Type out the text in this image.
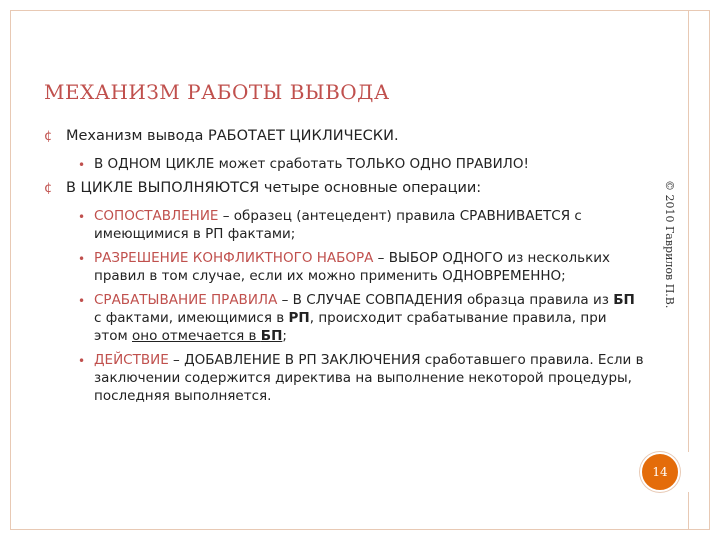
МЕХАНИЗМ РАБОТЫ ВЫВОДА
¢ Механизм вывода РАБОТАЕТ ЦИКЛИЧЕСКИ.
• В ОДНОМ ЦИКЛЕ может сработать ТОЛЬКО ОДНО ПРАВИЛО!
¢ В ЦИКЛЕ ВЫПОЛНЯЮТСЯ четыре основные операции:
• СОПОСТАВЛЕНИЕ – образец (антецедент) правила СРАВНИВАЕТСЯ с имеющимися в РП фактами;
• РАЗРЕШЕНИЕ КОНФЛИКТНОГО НАБОРА – ВЫБОР ОДНОГО из нескольких правил в том случае, если их можно применить ОДНОВРЕМЕННО;
• СРАБАТЫВАНИЕ ПРАВИЛА – В СЛУЧАЕ СОВПАДЕНИЯ образца правила из БП с фактами, имеющимися в РП, происходит срабатывание правила, при этом оно отмечается в БП;
• ДЕЙСТВИЕ – ДОБАВЛЕНИЕ В РП ЗАКЛЮЧЕНИЯ сработавшего правила. Если в заключении содержится директива на выполнение некоторой процедуры, последняя выполняется.
© 2010 Гаврилов П.В.
14
